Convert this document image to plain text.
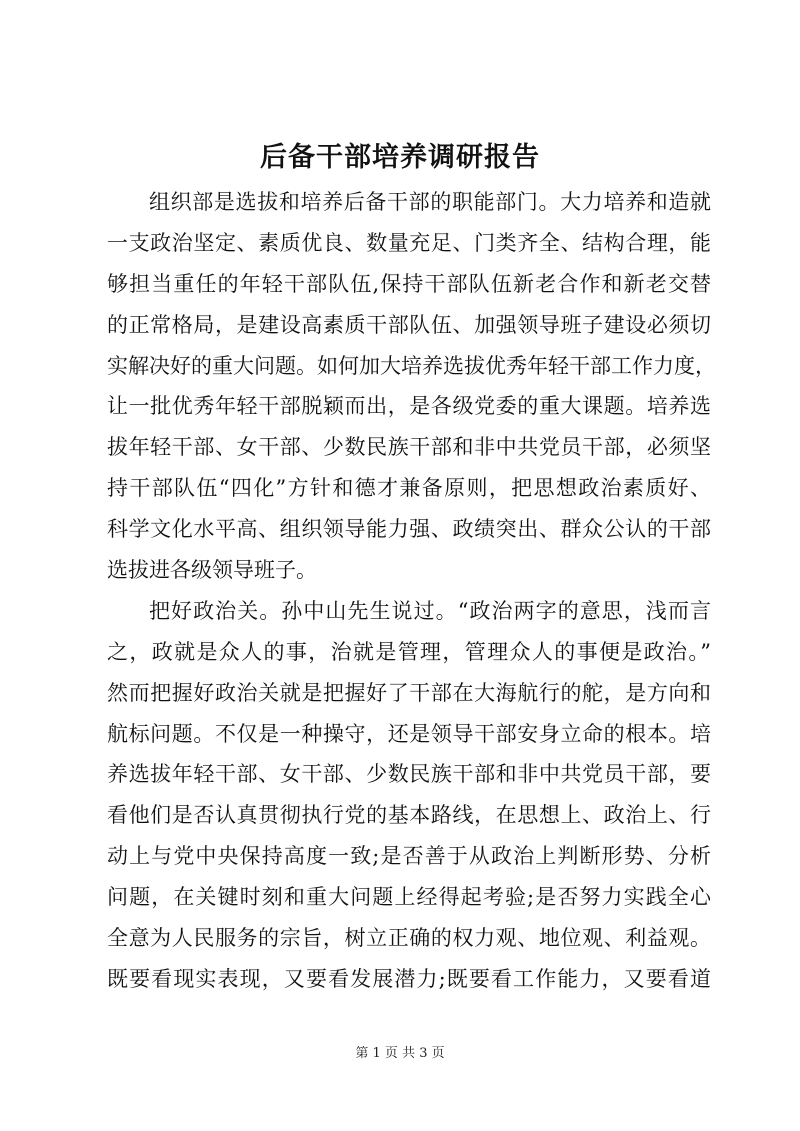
后备干部培养调研报告
组织部是选拔和培养后备干部的职能部门。大力培养和造就
一支政治坚定、素质优良、数量充足、门类齐全、结构合理，能
够担当重任的年轻干部队伍,保持干部队伍新老合作和新老交替
的正常格局，是建设高素质干部队伍、加强领导班子建设必须切
实解决好的重大问题。如何加大培养选拔优秀年轻干部工作力度，
让一批优秀年轻干部脱颖而出，是各级党委的重大课题。培养选
拔年轻干部、女干部、少数民族干部和非中共党员干部，必须坚
持干部队伍“四化”方针和德才兼备原则，把思想政治素质好、
科学文化水平高、组织领导能力强、政绩突出、群众公认的干部
选拔进各级领导班子。
把好政治关。孙中山先生说过。“政治两字的意思，浅而言
之，政就是众人的事，治就是管理，管理众人的事便是政治。”
然而把握好政治关就是把握好了干部在大海航行的舵，是方向和
航标问题。不仅是一种操守，还是领导干部安身立命的根本。培
养选拔年轻干部、女干部、少数民族干部和非中共党员干部，要
看他们是否认真贯彻执行党的基本路线，在思想上、政治上、行
动上与党中央保持高度一致;是否善于从政治上判断形势、分析
问题，在关键时刻和重大问题上经得起考验;是否努力实践全心
全意为人民服务的宗旨，树立正确的权力观、地位观、利益观。
既要看现实表现，又要看发展潜力;既要看工作能力，又要看道
第 1 页 共 3 页
